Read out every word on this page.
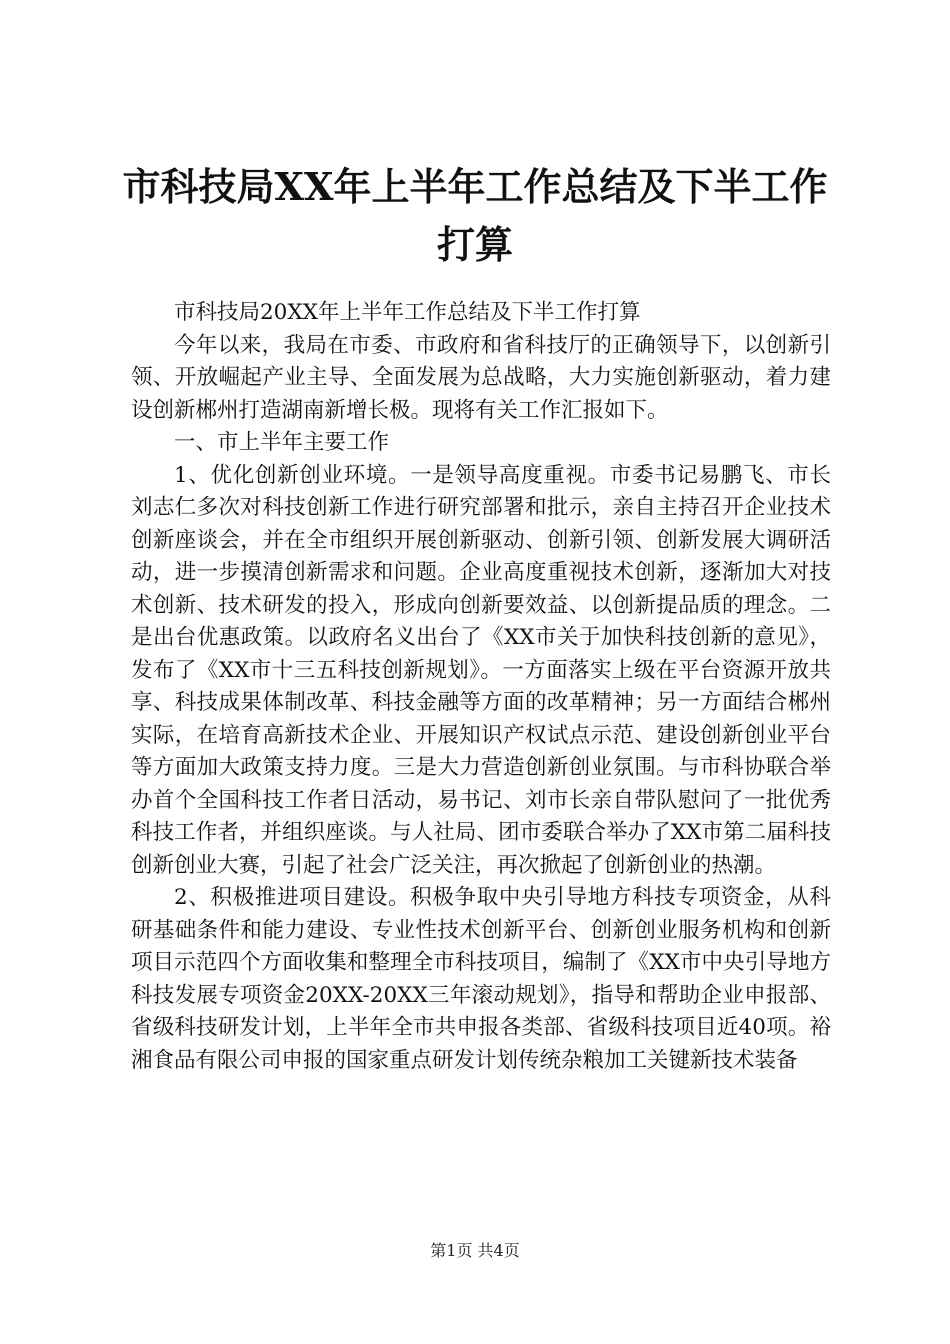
市科技局XX年上半年工作总结及下半工作打算

市科技局20XX年上半年工作总结及下半工作打算

今年以来，我局在市委、市政府和省科技厅的正确领导下，以创新引领、开放崛起产业主导、全面发展为总战略，大力实施创新驱动，着力建设创新郴州打造湖南新增长极。现将有关工作汇报如下。

一、市上半年主要工作

1、优化创新创业环境。一是领导高度重视。市委书记易鹏飞、市长刘志仁多次对科技创新工作进行研究部署和批示，亲自主持召开企业技术创新座谈会，并在全市组织开展创新驱动、创新引领、创新发展大调研活动，进一步摸清创新需求和问题。企业高度重视技术创新，逐渐加大对技术创新、技术研发的投入，形成向创新要效益、以创新提品质的理念。二是出台优惠政策。以政府名义出台了《XX市关于加快科技创新的意见》，发布了《XX市十三五科技创新规划》。一方面落实上级在平台资源开放共享、科技成果体制改革、科技金融等方面的改革精神；另一方面结合郴州实际，在培育高新技术企业、开展知识产权试点示范、建设创新创业平台等方面加大政策支持力度。三是大力营造创新创业氛围。与市科协联合举办首个全国科技工作者日活动，易书记、刘市长亲自带队慰问了一批优秀科技工作者，并组织座谈。与人社局、团市委联合举办了XX市第二届科技创新创业大赛，引起了社会广泛关注，再次掀起了创新创业的热潮。

2、积极推进项目建设。积极争取中央引导地方科技专项资金，从科研基础条件和能力建设、专业性技术创新平台、创新创业服务机构和创新项目示范四个方面收集和整理全市科技项目，编制了《XX市中央引导地方科技发展专项资金20XX-20XX三年滚动规划》，指导和帮助企业申报部、省级科技研发计划，上半年全市共申报各类部、省级科技项目近40项。裕湘食品有限公司申报的国家重点研发计划传统杂粮加工关键新技术装备

第1页 共4页
